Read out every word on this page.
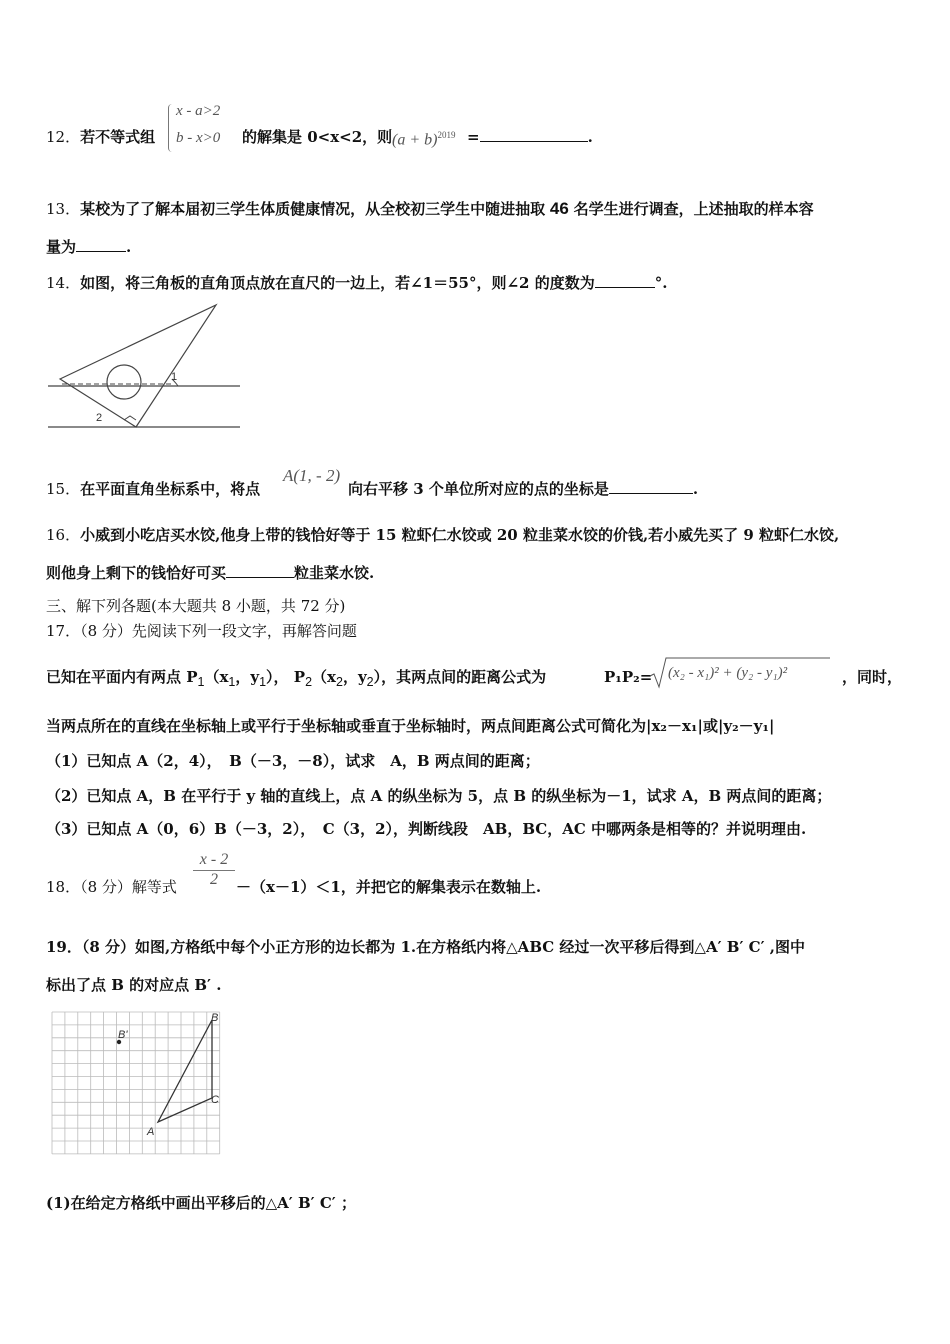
12．若不等式组
x - a>2
b - x>0 的解集是 0<x<2，则 $(a + b)^{2019}$ =	.
13．某校为了了解本届初三学生体质健康情况，从全校初三学生中随进抽取 46 名学生进行调查，上述抽取的样本容
量为	.
14．如图，将三角板的直角顶点放在直尺的一边上，若∠1＝55°，则∠2 的度数为	°.
1
2
15．在平面直角坐标系中，将点
A(1, - 2)
向右平移 3 个单位所对应的点的坐标是	.
16．小威到小吃店买水饺,他身上带的钱恰好等于 15 粒虾仁水饺或 20 粒韭菜水饺的价钱,若小威先买了 9 粒虾仁水饺,
则他身上剩下的钱恰好可买	粒韭菜水饺.
三、解下列各题(本大题共 8 小题，共 72 分)
17．（8 分）先阅读下列一段文字，再解答问题
已知在平面内有两点 $P_1(x_1$，$y_1$）， $P_2(x_2$，$y_2$），其两点间的距离公式为	P₁P₂= (x₂ - x₁)² + (y₂ - y₁)²	，同时，
当两点所在的直线在坐标轴上或平行于坐标轴或垂直于坐标轴时，两点间距离公式可简化为|x₂－x₁|或|y₂－y₁|
（1）已知点 A（2，4），　B（－3，－8），试求　A，B 两点间的距离；
（2）已知点 A，B 在平行于 y 轴的直线上，点 A 的纵坐标为 5，点 B 的纵坐标为－1，试求 A，B 两点间的距离；
（3）已知点 A（0，6）B（－3，2），　C（3，2），判断线段　AB，BC，AC 中哪两条是相等的？并说明理由.
18．（8 分）解等式 $\frac{x - 2}{2} -(x-1)<1$，并把它的解集表示在数轴上.
19．（8 分）如图,方格纸中每个小正方形的边长都为 1.在方格纸内将△ABC 经过一次平移后得到△A′ B′ C′ ,图中
标出了点 B 的对应点 B′ .
A
B
C
B'
(1)在给定方格纸中画出平移后的△A′ B′ C′ ；
